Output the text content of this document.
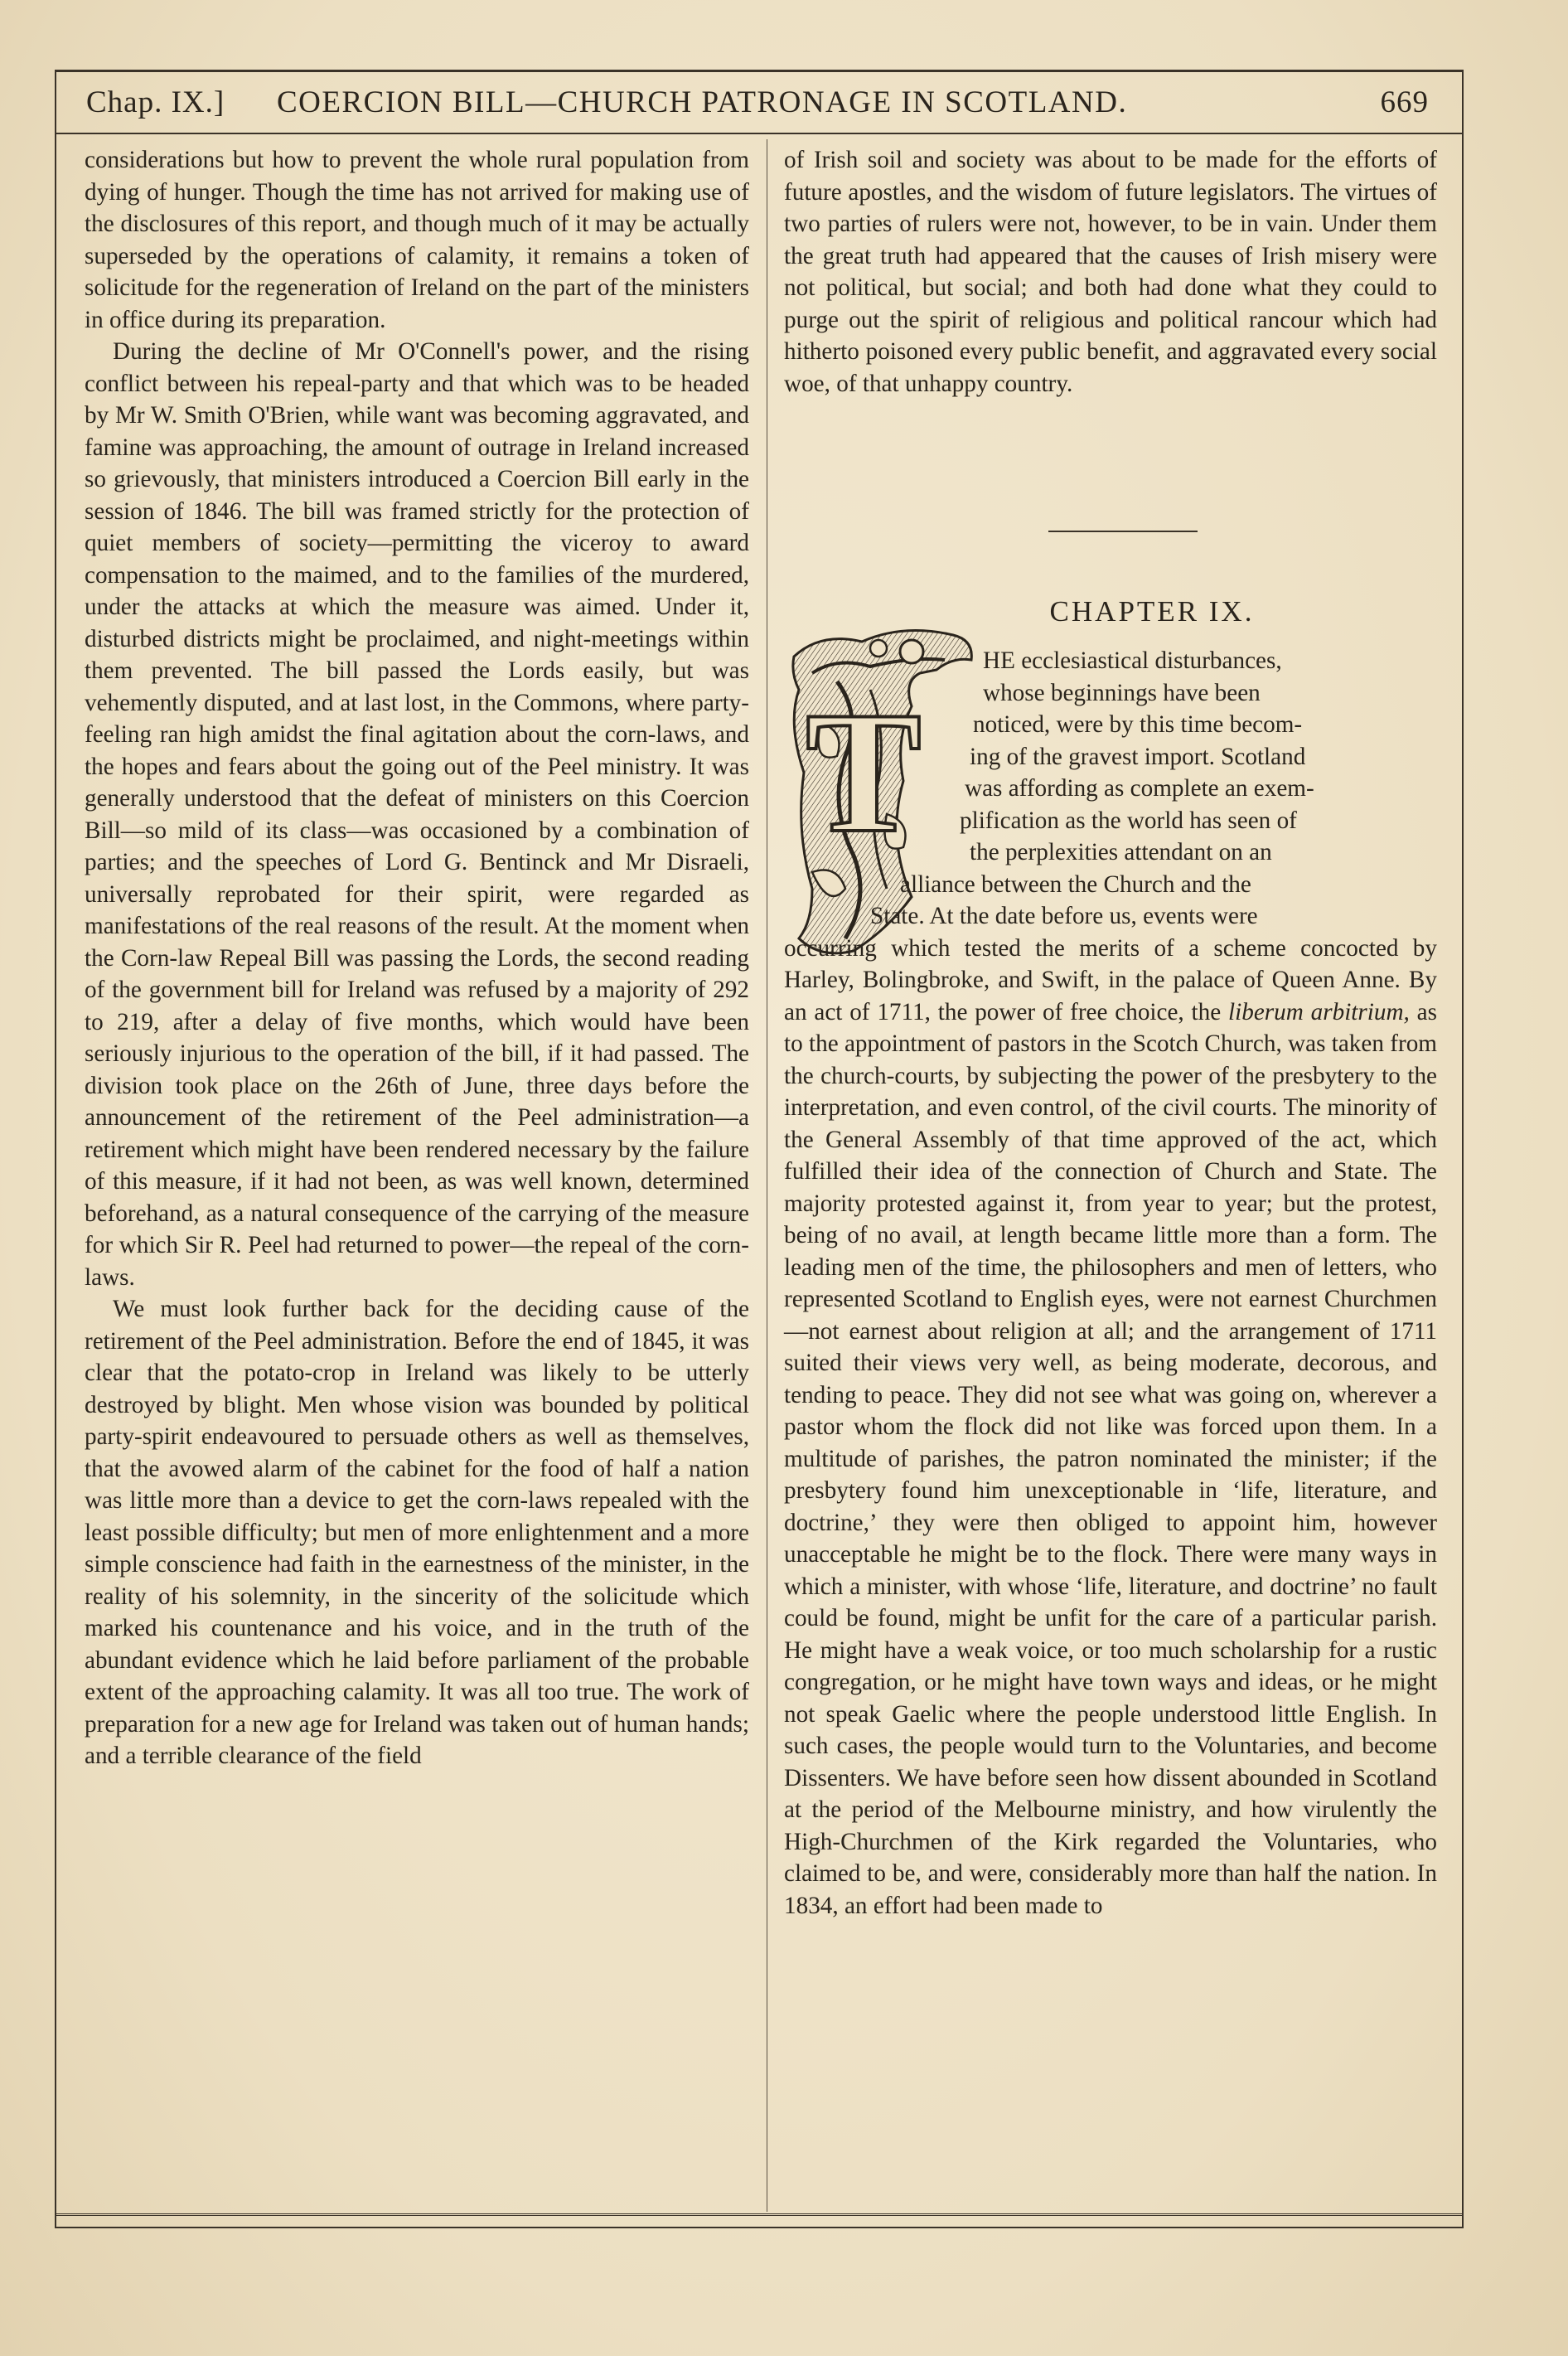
Chap. IX.] COERCION BILL—CHURCH PATRONAGE IN SCOTLAND.	669

considerations but how to prevent the whole rural population from dying of hunger. Though the time has not arrived for making use of the disclosures of this report, and though much of it may be actually superseded by the operations of calamity, it remains a token of solicitude for the regeneration of Ireland on the part of the ministers in office during its preparation.

During the decline of Mr O'Connell's power, and the rising conflict between his repeal-party and that which was to be headed by Mr W. Smith O'Brien, while want was becoming aggravated, and famine was approaching, the amount of outrage in Ireland increased so grievously, that ministers introduced a Coercion Bill early in the session of 1846. The bill was framed strictly for the protection of quiet members of society—permitting the viceroy to award compensation to the maimed, and to the families of the murdered, under the attacks at which the measure was aimed. Under it, disturbed districts might be proclaimed, and night-meetings within them prevented. The bill passed the Lords easily, but was vehemently disputed, and at last lost, in the Commons, where party-feeling ran high amidst the final agitation about the corn-laws, and the hopes and fears about the going out of the Peel ministry. It was generally understood that the defeat of ministers on this Coercion Bill—so mild of its class—was occasioned by a combination of parties; and the speeches of Lord G. Bentinck and Mr Disraeli, universally reprobated for their spirit, were regarded as manifestations of the real reasons of the result. At the moment when the Corn-law Repeal Bill was passing the Lords, the second reading of the government bill for Ireland was refused by a majority of 292 to 219, after a delay of five months, which would have been seriously injurious to the operation of the bill, if it had passed. The division took place on the 26th of June, three days before the announcement of the retirement of the Peel administration—a retirement which might have been rendered necessary by the failure of this measure, if it had not been, as was well known, determined beforehand, as a natural consequence of the carrying of the measure for which Sir R. Peel had returned to power—the repeal of the corn-laws.

We must look further back for the deciding cause of the retirement of the Peel administration. Before the end of 1845, it was clear that the potato-crop in Ireland was likely to be utterly destroyed by blight. Men whose vision was bounded by political party-spirit endeavoured to persuade others as well as themselves, that the avowed alarm of the cabinet for the food of half a nation was little more than a device to get the corn-laws repealed with the least possible difficulty; but men of more enlightenment and a more simple conscience had faith in the earnestness of the minister, in the reality of his solemnity, in the sincerity of the solicitude which marked his countenance and his voice, and in the truth of the abundant evidence which he laid before parliament of the probable extent of the approaching calamity. It was all too true. The work of preparation for a new age for Ireland was taken out of human hands; and a terrible clearance of the field

of Irish soil and society was about to be made for the efforts of future apostles, and the wisdom of future legislators. The virtues of two parties of rulers were not, however, to be in vain. Under them the great truth had appeared that the causes of Irish misery were not political, but social; and both had done what they could to purge out the spirit of religious and political rancour which had hitherto poisoned every public benefit, and aggravated every social woe, of that unhappy country.

CHAPTER IX.
T
HE ecclesiastical disturbances,
whose beginnings have been
noticed, were by this time becom-
ing of the gravest import. Scotland
was affording as complete an exem-
plification as the world has seen of
the perplexities attendant on an
alliance between the Church and the
State. At the date before us, events were

occurring which tested the merits of a scheme concocted by Harley, Bolingbroke, and Swift, in the palace of Queen Anne. By an act of 1711, the power of free choice, the liberum arbitrium, as to the appointment of pastors in the Scotch Church, was taken from the church-courts, by subjecting the power of the presbytery to the interpretation, and even control, of the civil courts. The minority of the General Assembly of that time approved of the act, which fulfilled their idea of the connection of Church and State. The majority protested against it, from year to year; but the protest, being of no avail, at length became little more than a form. The leading men of the time, the philosophers and men of letters, who represented Scotland to English eyes, were not earnest Churchmen—not earnest about religion at all; and the arrangement of 1711 suited their views very well, as being moderate, decorous, and tending to peace. They did not see what was going on, wherever a pastor whom the flock did not like was forced upon them. In a multitude of parishes, the patron nominated the minister; if the presbytery found him unexceptionable in ‘life, literature, and doctrine,’ they were then obliged to appoint him, however unacceptable he might be to the flock. There were many ways in which a minister, with whose ‘life, literature, and doctrine’ no fault could be found, might be unfit for the care of a particular parish. He might have a weak voice, or too much scholarship for a rustic congregation, or he might have town ways and ideas, or he might not speak Gaelic where the people understood little English. In such cases, the people would turn to the Voluntaries, and become Dissenters. We have before seen how dissent abounded in Scotland at the period of the Melbourne ministry, and how virulently the High-Churchmen of the Kirk regarded the Voluntaries, who claimed to be, and were, considerably more than half the nation. In 1834, an effort had been made to
